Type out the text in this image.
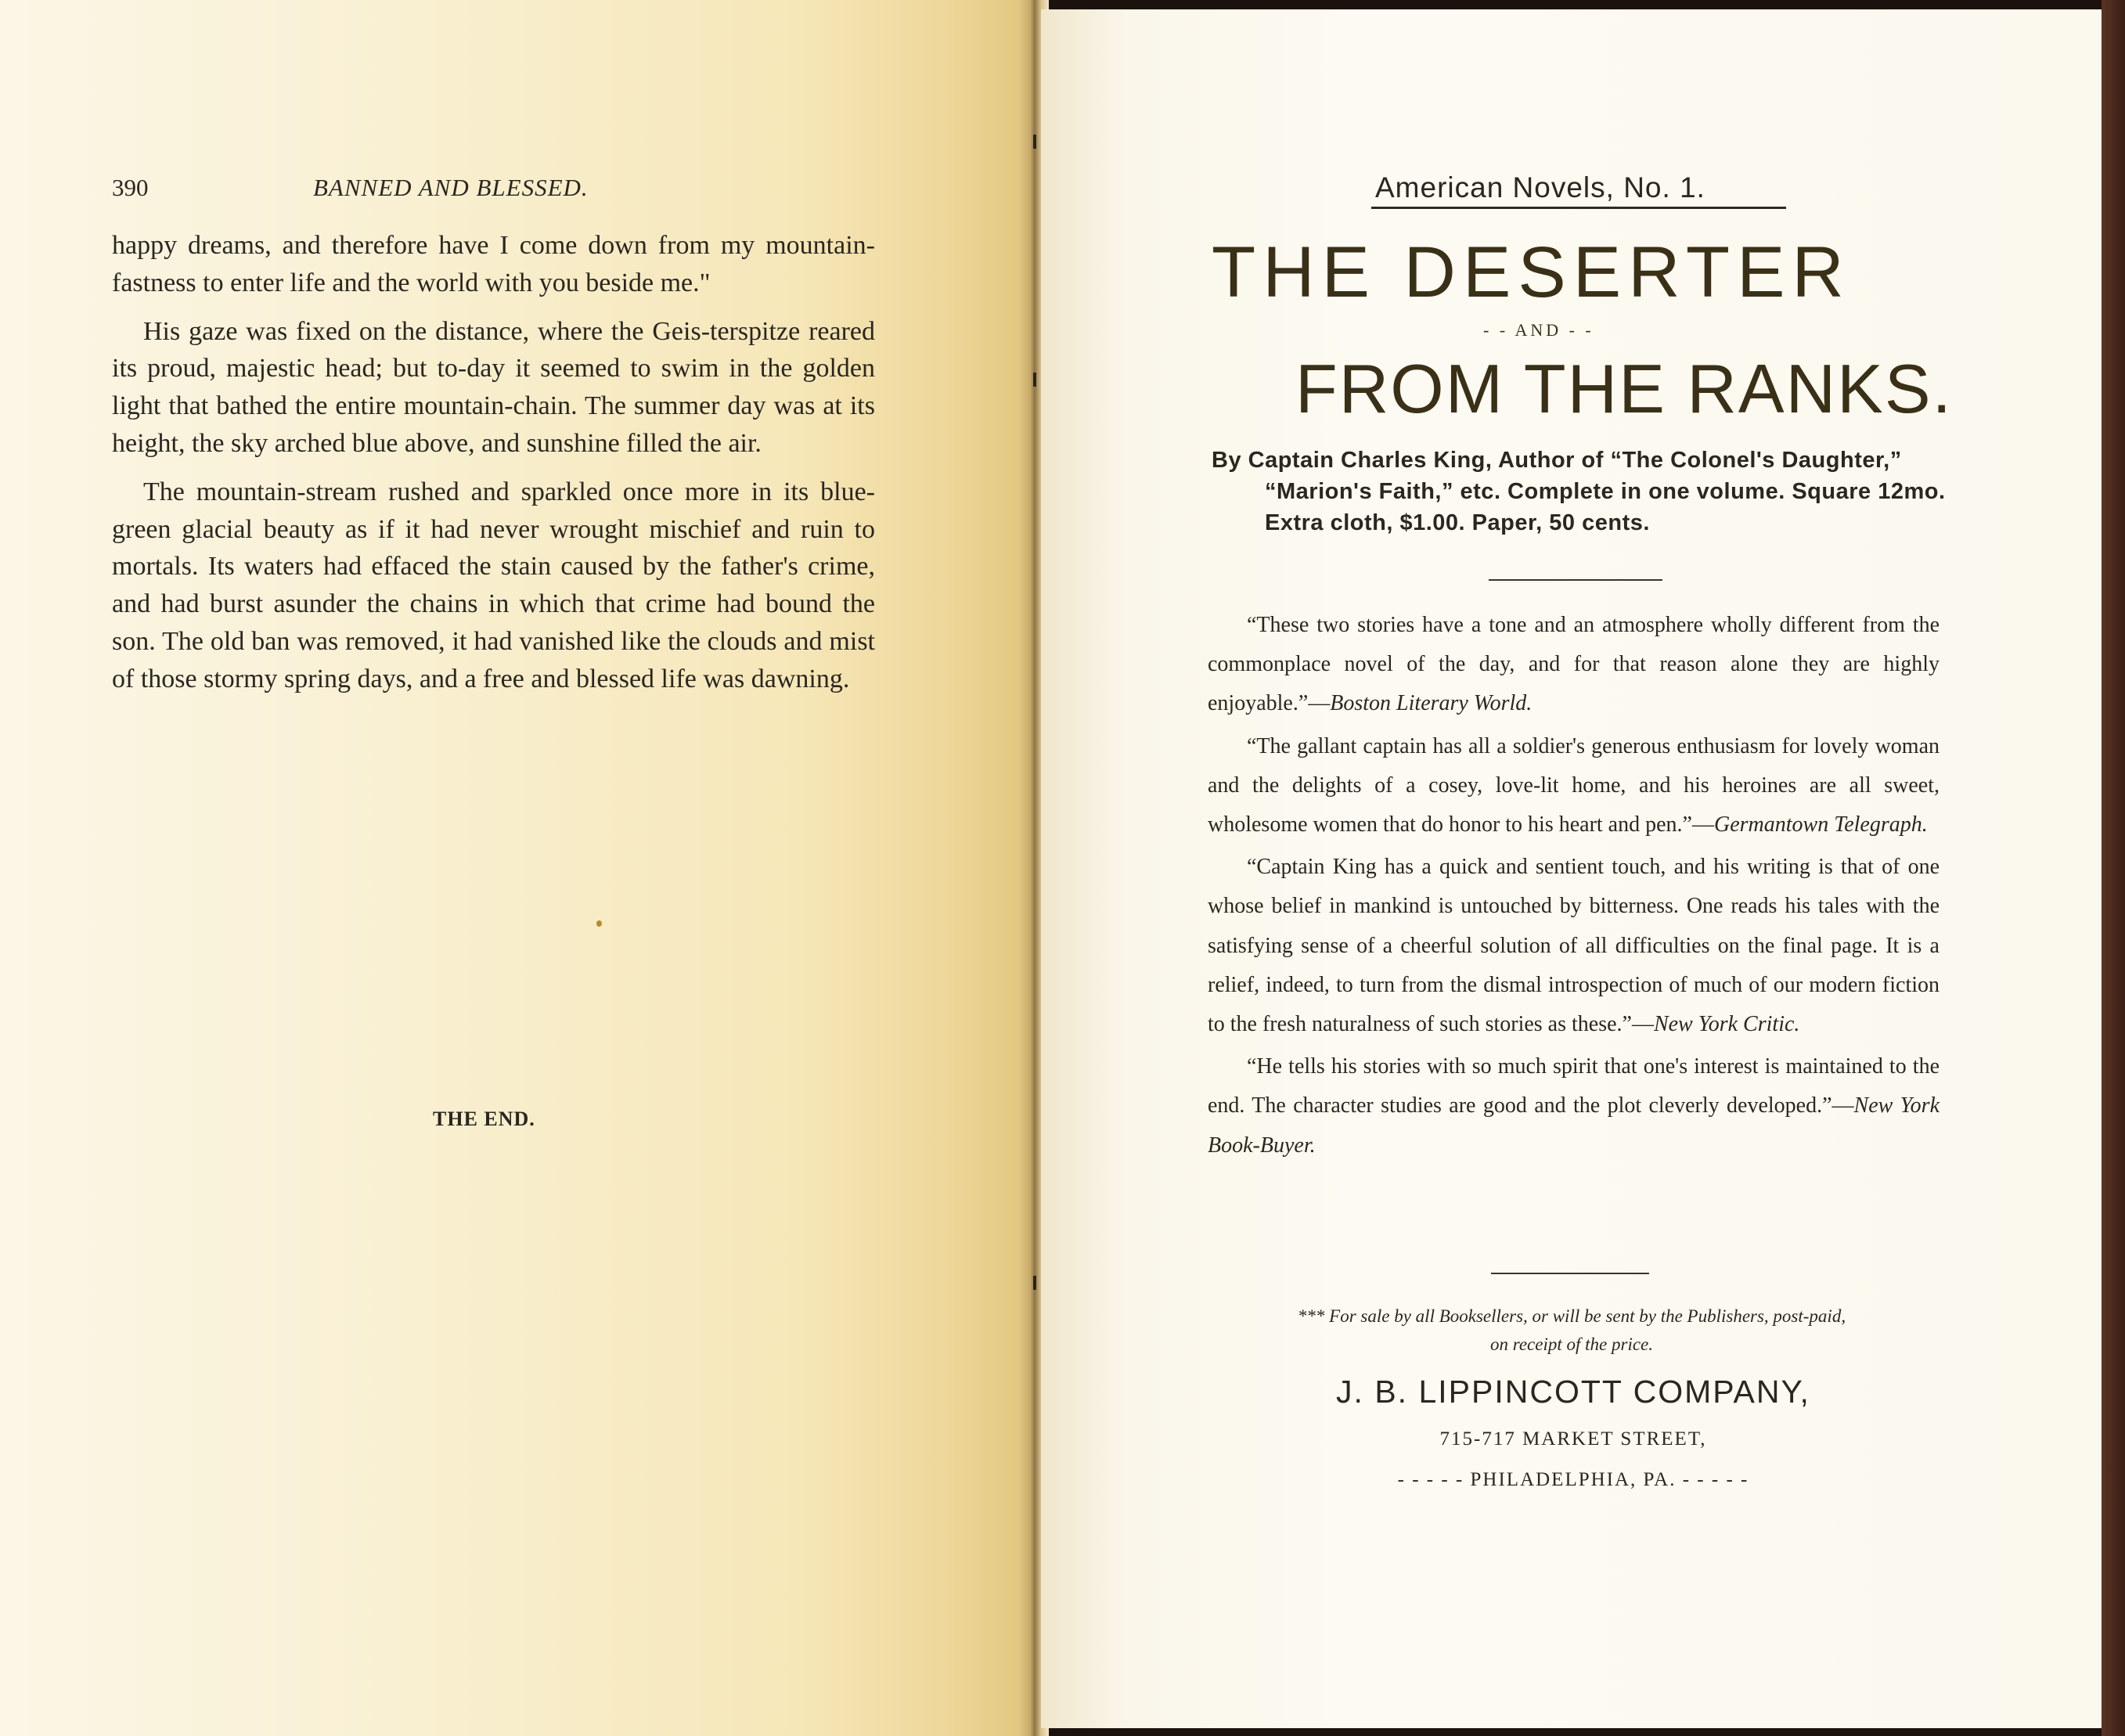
390	BANNED AND BLESSED.

happy dreams, and therefore have I come down from my mountain-fastness to enter life and the world with you beside me."

His gaze was fixed on the distance, where the Geis-terspitze reared its proud, majestic head; but to-day it seemed to swim in the golden light that bathed the entire mountain-chain. The summer day was at its height, the sky arched blue above, and sunshine filled the air.

The mountain-stream rushed and sparkled once more in its blue-green glacial beauty as if it had never wrought mischief and ruin to mortals. Its waters had effaced the stain caused by the father's crime, and had burst asunder the chains in which that crime had bound the son. The old ban was removed, it had vanished like the clouds and mist of those stormy spring days, and a free and blessed life was dawning.

THE END.
American Novels, No. 1.
THE DESERTER
- - AND - -
FROM THE RANKS.
By Captain Charles King, Author of “The Colonel's Daughter,” “Marion's Faith,” etc. Complete in one volume. Square 12mo. Extra cloth, $1.00. Paper, 50 cents.

“These two stories have a tone and an atmosphere wholly different from the commonplace novel of the day, and for that reason alone they are highly enjoyable.”—Boston Literary World.

“The gallant captain has all a soldier's generous enthusiasm for lovely woman and the delights of a cosey, love-lit home, and his heroines are all sweet, wholesome women that do honor to his heart and pen.”—Germantown Telegraph.

“Captain King has a quick and sentient touch, and his writing is that of one whose belief in mankind is untouched by bitterness. One reads his tales with the satisfying sense of a cheerful solution of all difficulties on the final page. It is a relief, indeed, to turn from the dismal introspection of much of our modern fiction to the fresh naturalness of such stories as these.”—New York Critic.

“He tells his stories with so much spirit that one's interest is maintained to the end. The character studies are good and the plot cleverly developed.”—New York Book-Buyer.

*** For sale by all Booksellers, or will be sent by the Publishers, post-paid,
on receipt of the price.
J. B. LIPPINCOTT COMPANY,
715-717 MARKET STREET,
- - - - - PHILADELPHIA, PA. - - - - -
